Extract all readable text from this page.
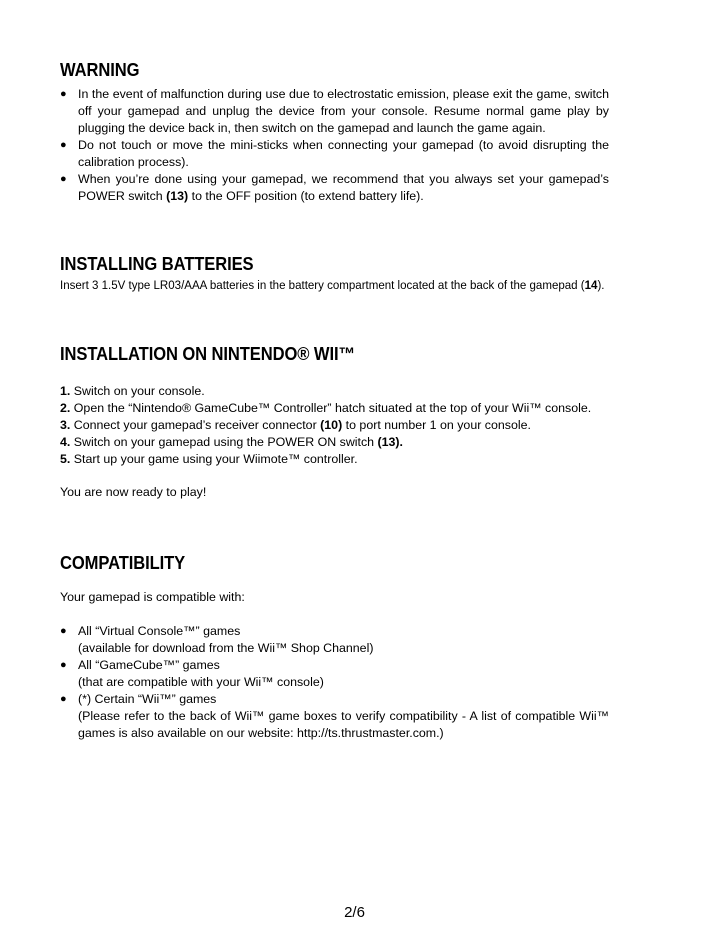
WARNING
● In the event of malfunction during use due to electrostatic emission, please exit the game, switch off your gamepad and unplug the device from your console. Resume normal game play by plugging the device back in, then switch on the gamepad and launch the game again.
● Do not touch or move the mini-sticks when connecting your gamepad (to avoid disrupting the calibration process).
● When you’re done using your gamepad, we recommend that you always set your gamepad’s POWER switch (13) to the OFF position (to extend battery life).
INSTALLING BATTERIES
Insert 3 1.5V type LR03/AAA batteries in the battery compartment located at the back of the gamepad (14).
INSTALLATION ON NINTENDO® WII™
1. Switch on your console.
2. Open the “Nintendo® GameCube™ Controller” hatch situated at the top of your Wii™ console.
3. Connect your gamepad’s receiver connector (10) to port number 1 on your console.
4. Switch on your gamepad using the POWER ON switch (13).
5. Start up your game using your Wiimote™ controller.
You are now ready to play!
COMPATIBILITY
Your gamepad is compatible with:
● All “Virtual Console™” games
(available for download from the Wii™ Shop Channel)
● All “GameCube™” games
(that are compatible with your Wii™ console)
● (*) Certain “Wii™” games
(Please refer to the back of Wii™ game boxes to verify compatibility - A list of compatible Wii™ games is also available on our website: http://ts.thrustmaster.com.)
2/6
